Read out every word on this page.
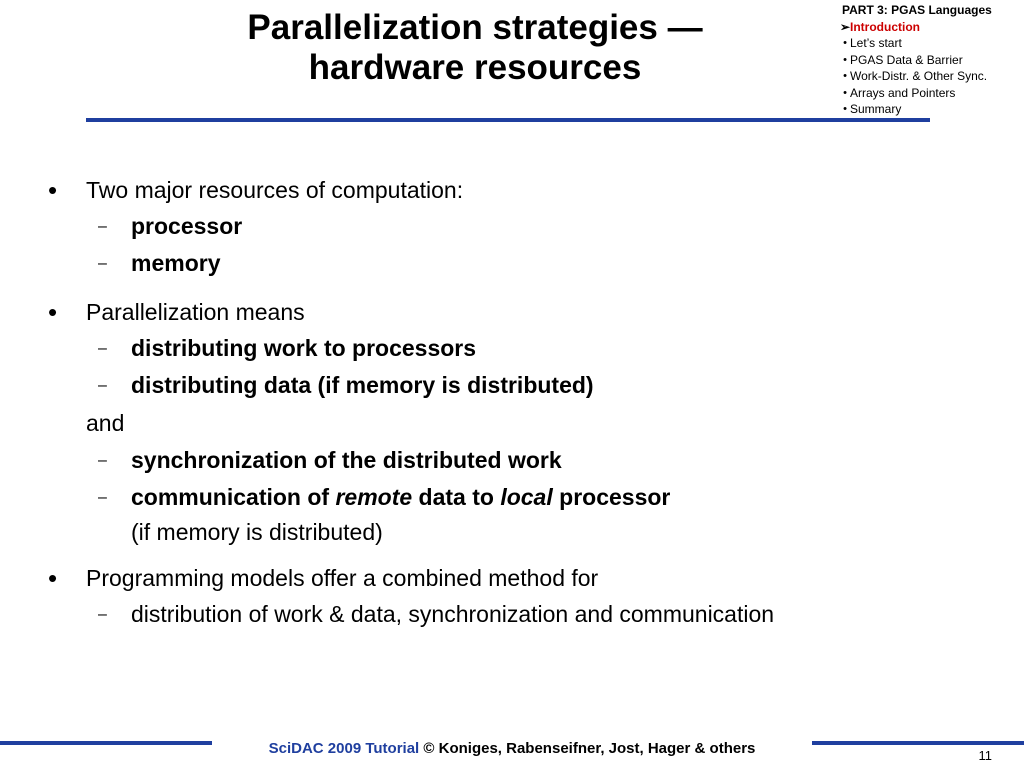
Parallelization strategies —
hardware resources
PART 3: PGAS Languages
➢ Introduction
• Let’s start
• PGAS Data & Barrier
• Work-Distr. & Other Sync.
• Arrays and Pointers
• Summary
•	Two major resources of computation:
–	processor
–	memory
•	Parallelization means
–	distributing work to processors
–	distributing data (if memory is distributed)
and
–	synchronization of the distributed work
–	communication of remote data to local processor
(if memory is distributed)
•	Programming models offer a combined method for
–	distribution of work & data, synchronization and communication
SciDAC 2009 Tutorial © Koniges, Rabenseifner, Jost, Hager & others	11
